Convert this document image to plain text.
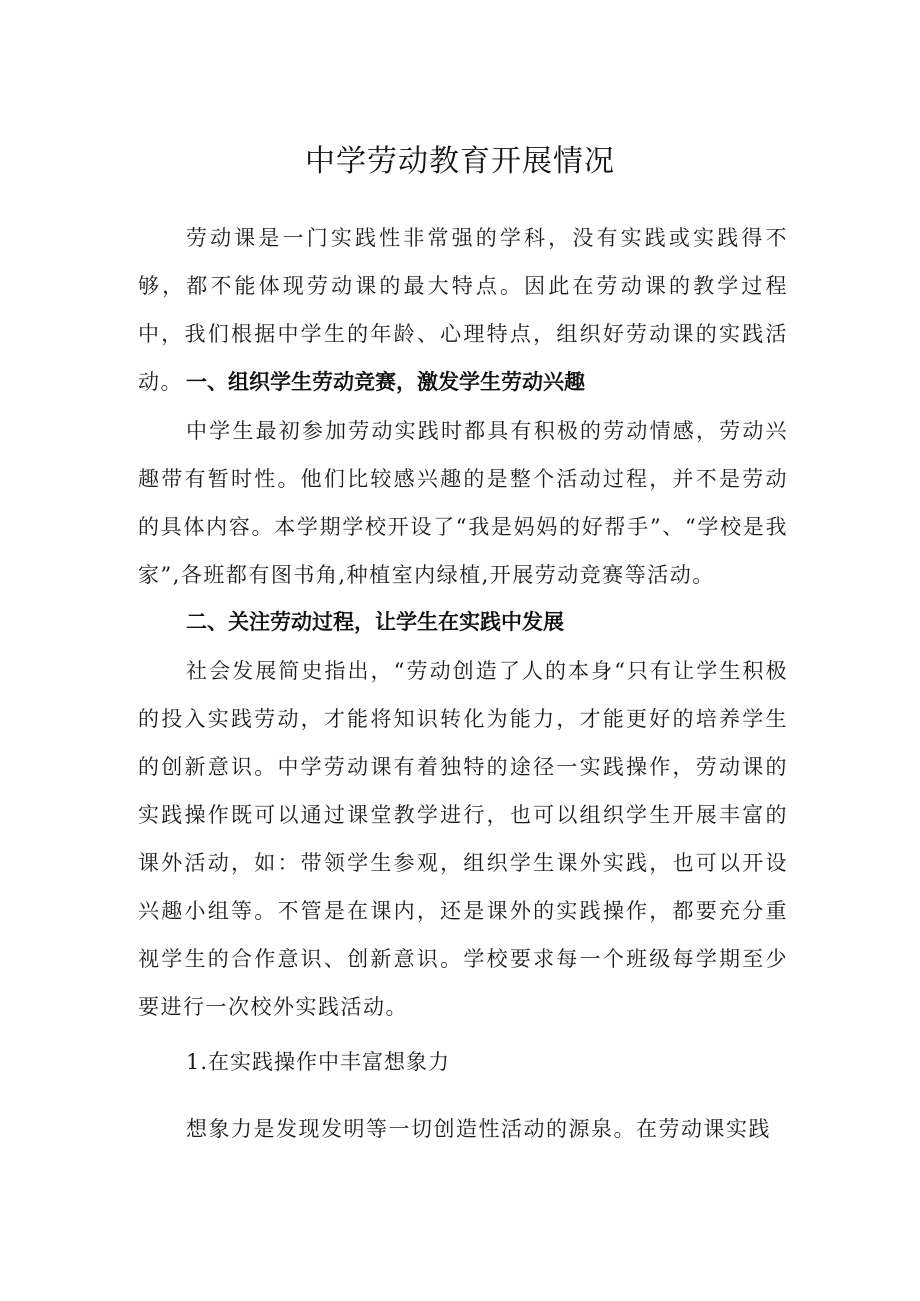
中学劳动教育开展情况
劳动课是一门实践性非常强的学科，没有实践或实践得不够，都不能体现劳动课的最大特点。因此在劳动课的教学过程中，我们根据中学生的年龄、心理特点，组织好劳动课的实践活动。 一、组织学生劳动竞赛，激发学生劳动兴趣
中学生最初参加劳动实践时都具有积极的劳动情感，劳动兴趣带有暂时性。他们比较感兴趣的是整个活动过程，并不是劳动的具体内容。本学期学校开设了“我是妈妈的好帮手”、“学校是我家”,各班都有图书角,种植室内绿植,开展劳动竞赛等活动。
二、关注劳动过程，让学生在实践中发展
社会发展简史指出，“劳动创造了人的本身“只有让学生积极的投入实践劳动，才能将知识转化为能力，才能更好的培养学生的创新意识。中学劳动课有着独特的途径一实践操作，劳动课的实践操作既可以通过课堂教学进行，也可以组织学生开展丰富的课外活动，如：带领学生参观，组织学生课外实践，也可以开设兴趣小组等。不管是在课内，还是课外的实践操作，都要充分重视学生的合作意识、创新意识。学校要求每一个班级每学期至少要进行一次校外实践活动。
1.在实践操作中丰富想象力
想象力是发现发明等一切创造性活动的源泉。在劳动课实践
